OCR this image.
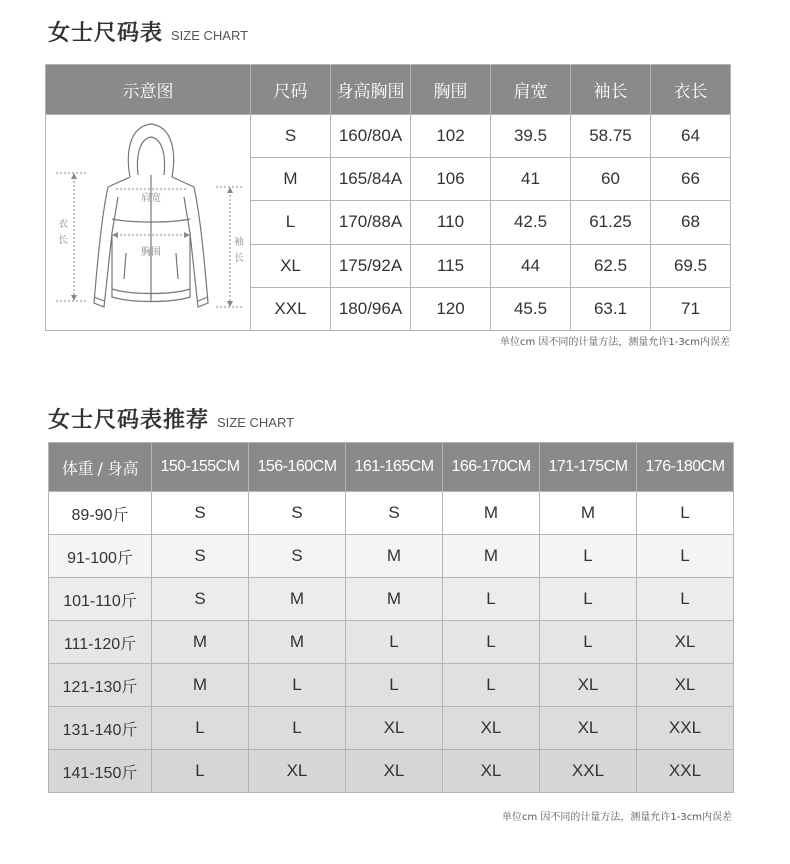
女士尺码表 SIZE CHART
示意图	尺码	身高胸围	胸围	肩宽	袖长	衣长

肩宽
胸围
衣长 袖长	S	160/80A	102	39.5	58.75	64
	M	165/84A	106	41	60	66
	L	170/88A	110	42.5	61.25	68
	XL	175/92A	115	44	62.5	69.5
	XXL	180/96A	120	45.5	63.1	71
单位cm 因不同的计量方法，测量允许1-3cm内误差
女士尺码表推荐 SIZE CHART
体重 / 身高	150-155CM	156-160CM	161-165CM	166-170CM	171-175CM	176-180CM
89-90斤	S	S	S	M	M	L
91-100斤	S	S	M	M	L	L
101-110斤	S	M	M	L	L	L
111-120斤	M	M	L	L	L	XL
121-130斤	M	L	L	L	XL	XL
131-140斤	L	L	XL	XL	XL	XXL
141-150斤	L	XL	XL	XL	XXL	XXL
单位cm 因不同的计量方法，测量允许1-3cm内误差
